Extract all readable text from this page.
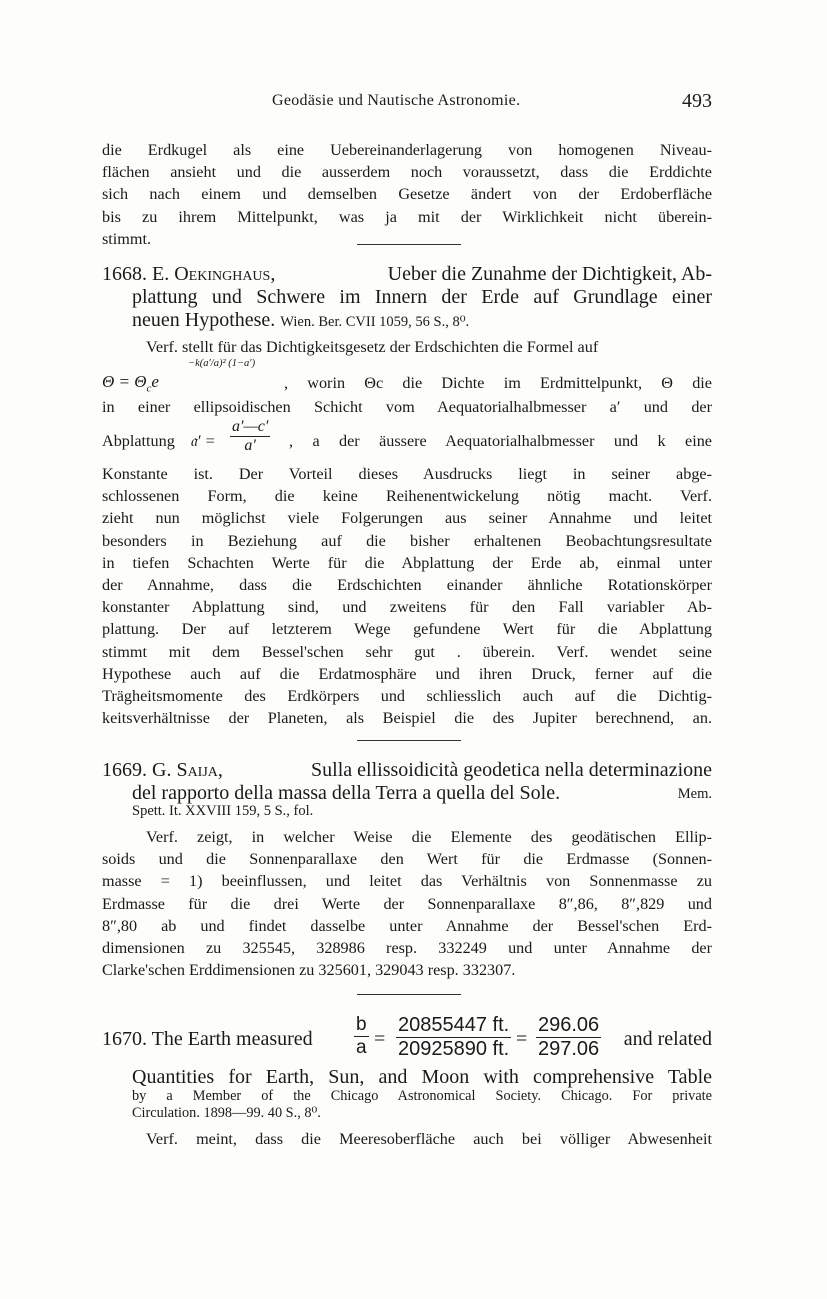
Geodäsie und Nautische Astronomie.	493
die Erdkugel als eine Uebereinanderlagerung von homogenen Niveau-
flächen ansieht und die ausserdem noch voraussetzt, dass die Erddichte
sich nach einem und demselben Gesetze ändert von der Erdoberfläche
bis zu ihrem Mittelpunkt, was ja mit der Wirklichkeit nicht überein-
stimmt.
1668. E. Oekinghaus,	Ueber die Zunahme der Dichtigkeit, Ab-
plattung und Schwere im Innern der Erde auf Grundlage einer
neuen Hypothese. Wien. Ber. CVII 1059, 56 S., 8⁰.
Verf. stellt für das Dichtigkeitsgesetz der Erdschichten die Formel auf
$\Theta = \Theta_ce$
−k(a′/a)² (1−a′)
, worin Θc die Dichte im Erdmittelpunkt, Θ die
in einer ellipsoidischen Schicht vom Aequatorialhalbmesser a′ und der
Abplattung 𝔞′ = $\frac{a'—c'}{a'}$ , a der äussere Aequatorialhalbmesser und k eine
Konstante ist. Der Vorteil dieses Ausdrucks liegt in seiner abge-
schlossenen Form, die keine Reihenentwickelung nötig macht. Verf.
zieht nun möglichst viele Folgerungen aus seiner Annahme und leitet
besonders in Beziehung auf die bisher erhaltenen Beobachtungsresultate
in tiefen Schachten Werte für die Abplattung der Erde ab, einmal unter
der Annahme, dass die Erdschichten einander ähnliche Rotationskörper
konstanter Abplattung sind, und zweitens für den Fall variabler Ab-
plattung. Der auf letzterem Wege gefundene Wert für die Abplattung
stimmt mit dem Bessel'schen sehr gut . überein. Verf. wendet seine
Hypothese auch auf die Erdatmosphäre und ihren Druck, ferner auf die
Trägheitsmomente des Erdkörpers und schliesslich auch auf die Dichtig-
keitsverhältnisse der Planeten, als Beispiel die des Jupiter berechnend, an.
1669. G. Saija,	Sulla ellissoidicità geodetica nella determinazione
del rapporto della massa della Terra a quella del Sole.	Mem.
Spett. It. XXVIII 159, 5 S., fol.
Verf. zeigt, in welcher Weise die Elemente des geodätischen Ellip-
soids und die Sonnenparallaxe den Wert für die Erdmasse (Sonnen-
masse = 1) beeinflussen, und leitet das Verhältnis von Sonnenmasse zu
Erdmasse für die drei Werte der Sonnenparallaxe 8″,86, 8″,829 und
8″,80 ab und findet dasselbe unter Annahme der Bessel'schen Erd-
dimensionen zu 325545, 328986 resp. 332249 und unter Annahme der
Clarke'schen Erddimensionen zu 325601, 329043 resp. 332307.
1670. The Earth measured $\frac{b}{a} = \frac{20855447 ft.}{20925890 ft.} = \frac{296.06}{297.06}$ and related
Quantities for Earth, Sun, and Moon with comprehensive Table
by a Member of the Chicago Astronomical Society. Chicago. For private
Circulation. 1898—99. 40 S., 8⁰.
Verf. meint, dass die Meeresoberfläche auch bei völliger Abwesenheit
